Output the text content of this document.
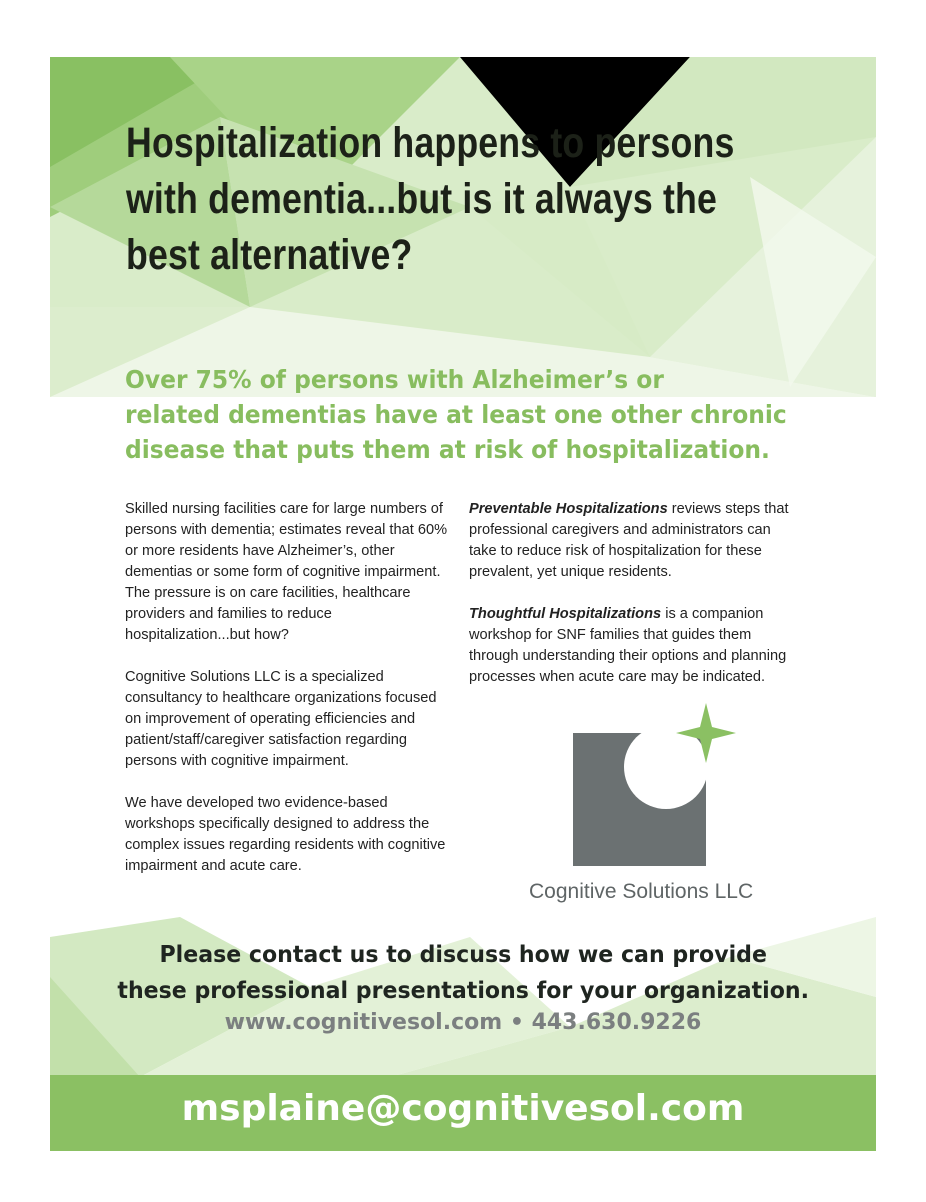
Hospitalization happens to persons
with dementia...but is it always the
best alternative?
Over 75% of persons with Alzheimer’s or
related dementias have at least one other chronic
disease that puts them at risk of hospitalization.

Skilled nursing facilities care for large numbers of persons with dementia; estimates reveal that 60% or more residents have Alzheimer’s, other dementias or some form of cognitive impairment. The pressure is on care facilities, healthcare providers and families to reduce hospitalization...but how?

Cognitive Solutions LLC is a specialized consultancy to healthcare organizations focused on improvement of operating efficiencies and patient/staff/caregiver satisfaction regarding persons with cognitive impairment.

We have developed two evidence-based workshops specifically designed to address the complex issues regarding residents with cognitive impairment and acute care.

Preventable Hospitalizations reviews steps that professional caregivers and administrators can take to reduce risk of hospitalization for these prevalent, yet unique residents.

Thoughtful Hospitalizations is a companion workshop for SNF families that guides them through understanding their options and planning processes when acute care may be indicated.

Cognitive Solutions LLC
Please contact us to discuss how we can provide
these professional presentations for your organization.
www.cognitivesol.com • 443.630.9226
msplaine@cognitivesol.com
